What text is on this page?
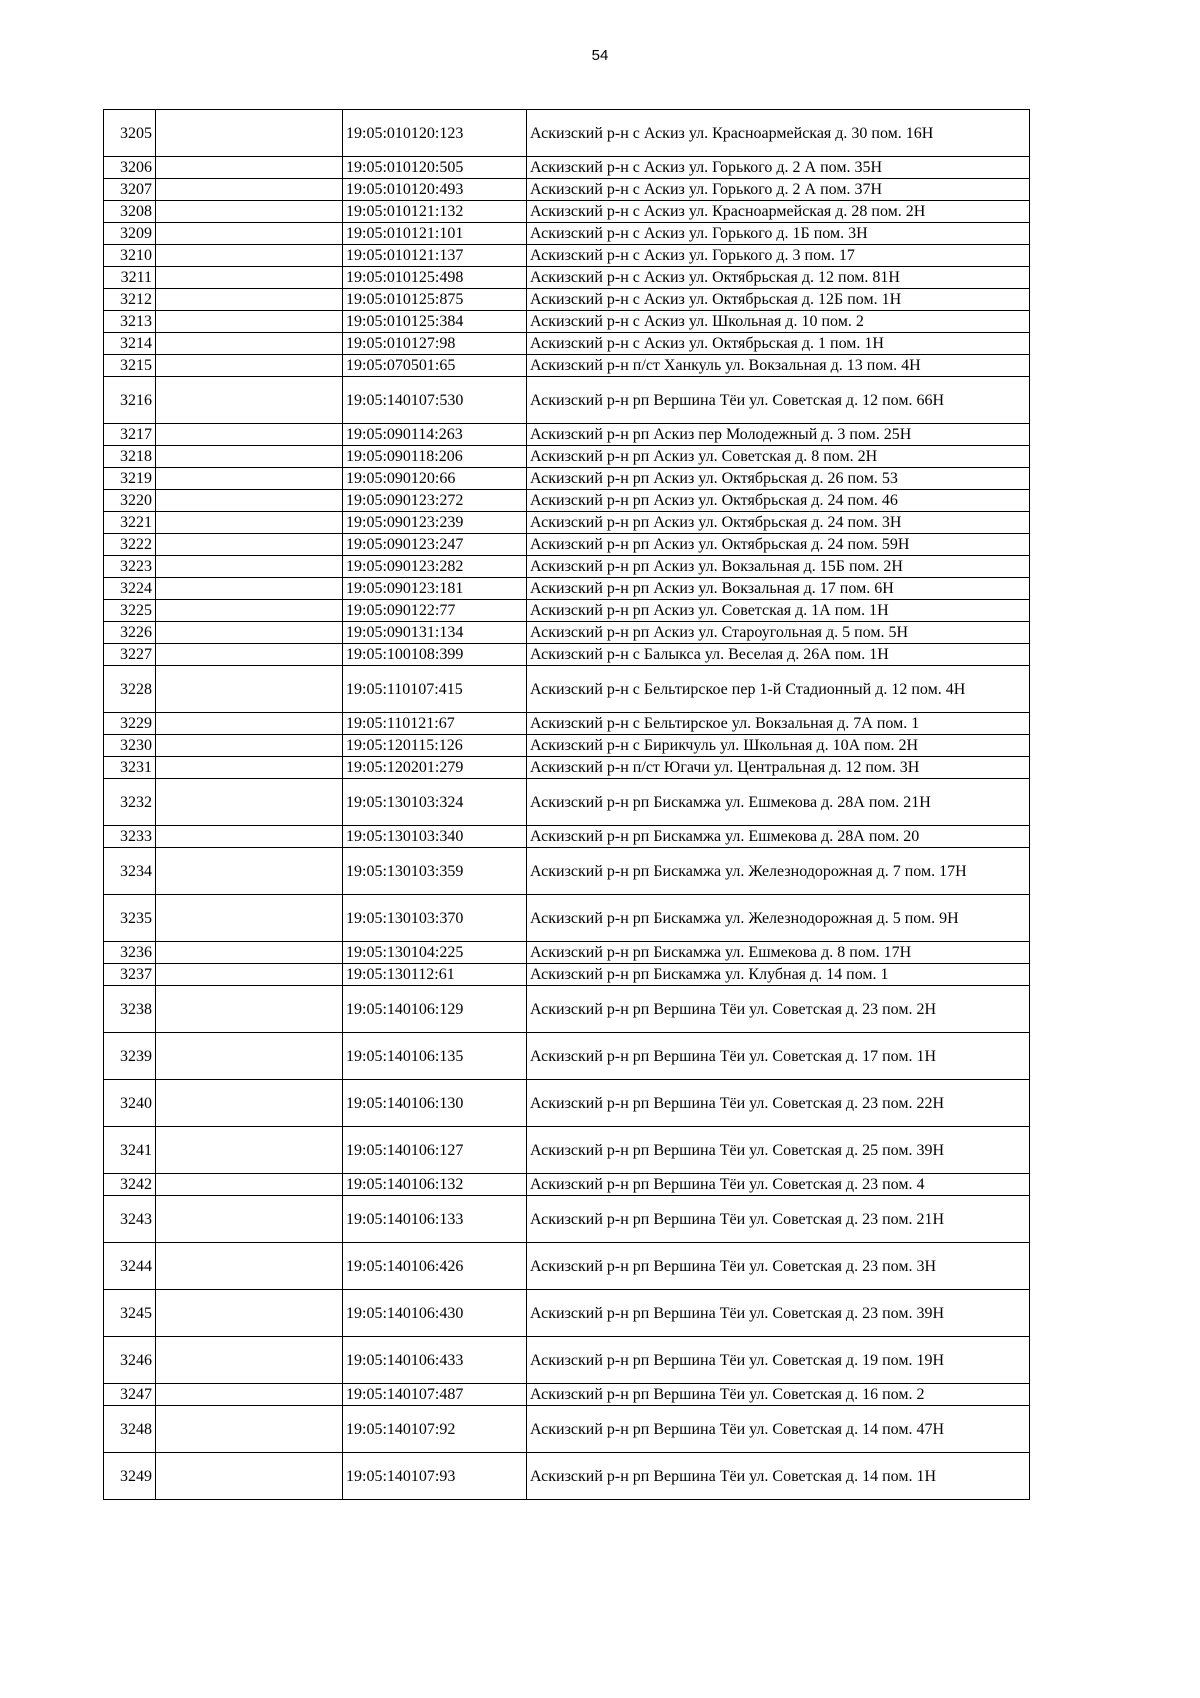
54
3205		19:05:010120:123	Аскизский р-н с Аскиз ул. Красноармейская д. 30 пом. 16Н
3206		19:05:010120:505	Аскизский р-н с Аскиз ул. Горького д. 2 А пом. 35Н
3207		19:05:010120:493	Аскизский р-н с Аскиз ул. Горького д. 2 А пом. 37Н
3208		19:05:010121:132	Аскизский р-н с Аскиз ул. Красноармейская д. 28 пом. 2Н
3209		19:05:010121:101	Аскизский р-н с Аскиз ул. Горького д. 1Б пом. 3Н
3210		19:05:010121:137	Аскизский р-н с Аскиз ул. Горького д. 3 пом. 17
3211		19:05:010125:498	Аскизский р-н с Аскиз ул. Октябрьская д. 12 пом. 81Н
3212		19:05:010125:875	Аскизский р-н с Аскиз ул. Октябрьская д. 12Б пом. 1Н
3213		19:05:010125:384	Аскизский р-н с Аскиз ул. Школьная д. 10 пом. 2
3214		19:05:010127:98	Аскизский р-н с Аскиз ул. Октябрьская д. 1 пом. 1Н
3215		19:05:070501:65	Аскизский р-н п/ст Ханкуль ул. Вокзальная д. 13 пом. 4Н
3216		19:05:140107:530	Аскизский р-н рп Вершина Тёи ул. Советская д. 12 пом. 66Н
3217		19:05:090114:263	Аскизский р-н рп Аскиз пер Молодежный д. 3 пом. 25Н
3218		19:05:090118:206	Аскизский р-н рп Аскиз ул. Советская д. 8 пом. 2Н
3219		19:05:090120:66	Аскизский р-н рп Аскиз ул. Октябрьская д. 26 пом. 53
3220		19:05:090123:272	Аскизский р-н рп Аскиз ул. Октябрьская д. 24 пом. 46
3221		19:05:090123:239	Аскизский р-н рп Аскиз ул. Октябрьская д. 24 пом. 3Н
3222		19:05:090123:247	Аскизский р-н рп Аскиз ул. Октябрьская д. 24 пом. 59Н
3223		19:05:090123:282	Аскизский р-н рп Аскиз ул. Вокзальная д. 15Б пом. 2Н
3224		19:05:090123:181	Аскизский р-н рп Аскиз ул. Вокзальная д. 17 пом. 6Н
3225		19:05:090122:77	Аскизский р-н рп Аскиз ул. Советская д. 1А пом. 1Н
3226		19:05:090131:134	Аскизский р-н рп Аскиз ул. Староугольная д. 5 пом. 5Н
3227		19:05:100108:399	Аскизский р-н с Балыкса ул. Веселая д. 26А пом. 1Н
3228		19:05:110107:415	Аскизский р-н с Бельтирское пер 1-й Стадионный д. 12 пом. 4Н
3229		19:05:110121:67	Аскизский р-н с Бельтирское ул. Вокзальная д. 7А пом. 1
3230		19:05:120115:126	Аскизский р-н с Бирикчуль ул. Школьная д. 10А пом. 2Н
3231		19:05:120201:279	Аскизский р-н п/ст Югачи ул. Центральная д. 12 пом. 3Н
3232		19:05:130103:324	Аскизский р-н рп Бискамжа ул. Ешмекова д. 28А пом. 21Н
3233		19:05:130103:340	Аскизский р-н рп Бискамжа ул. Ешмекова д. 28А пом. 20
3234		19:05:130103:359	Аскизский р-н рп Бискамжа ул. Железнодорожная д. 7 пом. 17Н
3235		19:05:130103:370	Аскизский р-н рп Бискамжа ул. Железнодорожная д. 5 пом. 9Н
3236		19:05:130104:225	Аскизский р-н рп Бискамжа ул. Ешмекова д. 8 пом. 17Н
3237		19:05:130112:61	Аскизский р-н рп Бискамжа ул. Клубная д. 14 пом. 1
3238		19:05:140106:129	Аскизский р-н рп Вершина Тёи ул. Советская д. 23 пом. 2Н
3239		19:05:140106:135	Аскизский р-н рп Вершина Тёи ул. Советская д. 17 пом. 1Н
3240		19:05:140106:130	Аскизский р-н рп Вершина Тёи ул. Советская д. 23 пом. 22Н
3241		19:05:140106:127	Аскизский р-н рп Вершина Тёи ул. Советская д. 25 пом. 39Н
3242		19:05:140106:132	Аскизский р-н рп Вершина Тёи ул. Советская д. 23 пом. 4
3243		19:05:140106:133	Аскизский р-н рп Вершина Тёи ул. Советская д. 23 пом. 21Н
3244		19:05:140106:426	Аскизский р-н рп Вершина Тёи ул. Советская д. 23 пом. 3Н
3245		19:05:140106:430	Аскизский р-н рп Вершина Тёи ул. Советская д. 23 пом. 39Н
3246		19:05:140106:433	Аскизский р-н рп Вершина Тёи ул. Советская д. 19 пом. 19Н
3247		19:05:140107:487	Аскизский р-н рп Вершина Тёи ул. Советская д. 16 пом. 2
3248		19:05:140107:92	Аскизский р-н рп Вершина Тёи ул. Советская д. 14 пом. 47Н
3249		19:05:140107:93	Аскизский р-н рп Вершина Тёи ул. Советская д. 14 пом. 1Н
